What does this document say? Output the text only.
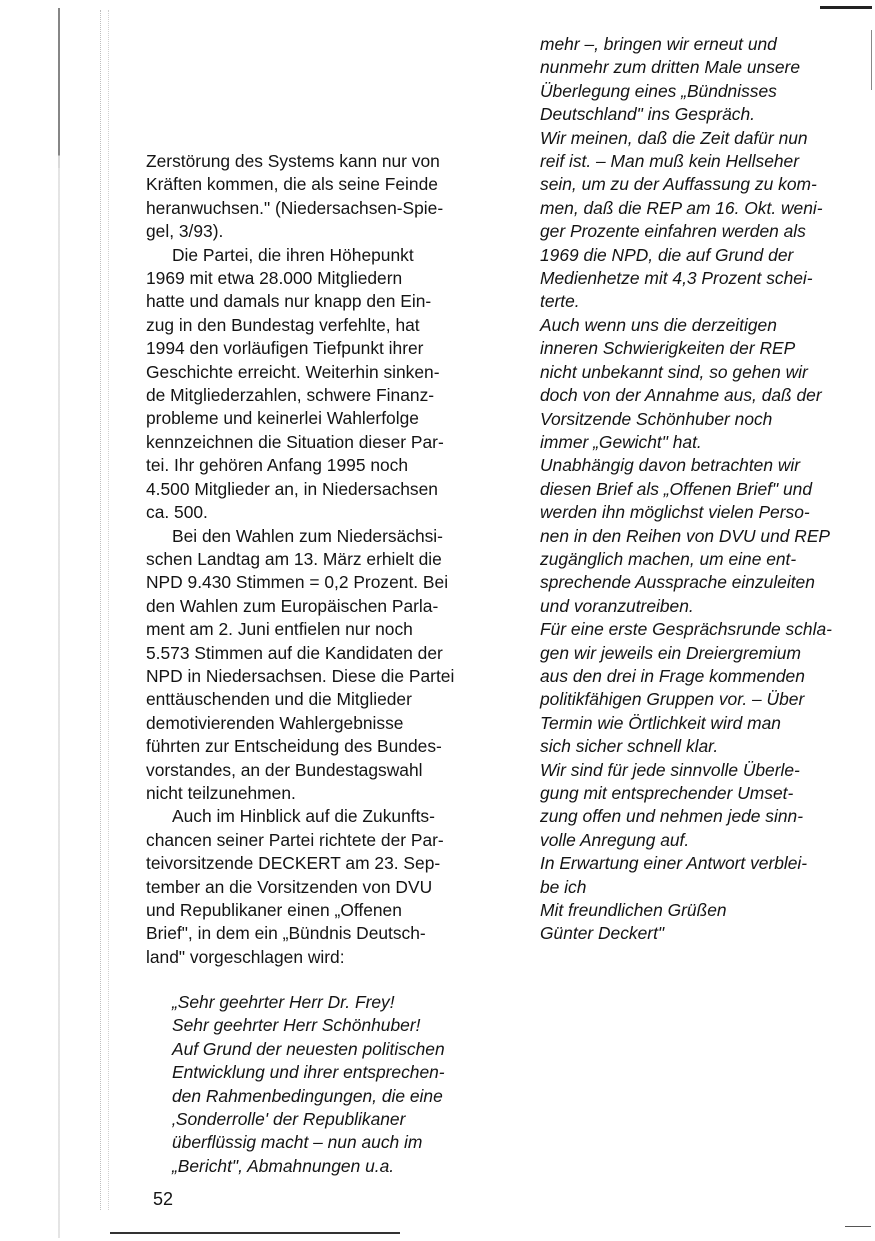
Zerstörung des Systems kann nur von
Kräften kommen, die als seine Feinde
heranwuchsen." (Niedersachsen-Spie-
gel, 3/93).
Die Partei, die ihren Höhepunkt
1969 mit etwa 28.000 Mitgliedern
hatte und damals nur knapp den Ein-
zug in den Bundestag verfehlte, hat
1994 den vorläufigen Tiefpunkt ihrer
Geschichte erreicht. Weiterhin sinken-
de Mitgliederzahlen, schwere Finanz-
probleme und keinerlei Wahlerfolge
kennzeichnen die Situation dieser Par-
tei. Ihr gehören Anfang 1995 noch
4.500 Mitglieder an, in Niedersachsen
ca. 500.
Bei den Wahlen zum Niedersächsi-
schen Landtag am 13. März erhielt die
NPD 9.430 Stimmen = 0,2 Prozent. Bei
den Wahlen zum Europäischen Parla-
ment am 2. Juni entfielen nur noch
5.573 Stimmen auf die Kandidaten der
NPD in Niedersachsen. Diese die Partei
enttäuschenden und die Mitglieder
demotivierenden Wahlergebnisse
führten zur Entscheidung des Bundes-
vorstandes, an der Bundestagswahl
nicht teilzunehmen.
Auch im Hinblick auf die Zukunfts-
chancen seiner Partei richtete der Par-
teivorsitzende DECKERT am 23. Sep-
tember an die Vorsitzenden von DVU
und Republikaner einen „Offenen
Brief", in dem ein „Bündnis Deutsch-
land" vorgeschlagen wird:
„Sehr geehrter Herr Dr. Frey!
Sehr geehrter Herr Schönhuber!
Auf Grund der neuesten politischen
Entwicklung und ihrer entsprechen-
den Rahmenbedingungen, die eine
‚Sonderrolle' der Republikaner
überflüssig macht – nun auch im
„Bericht", Abmahnungen u.a.
mehr –, bringen wir erneut und
nunmehr zum dritten Male unsere
Überlegung eines „Bündnisses
Deutschland" ins Gespräch.
Wir meinen, daß die Zeit dafür nun
reif ist. – Man muß kein Hellseher
sein, um zu der Auffassung zu kom-
men, daß die REP am 16. Okt. weni-
ger Prozente einfahren werden als
1969 die NPD, die auf Grund der
Medienhetze mit 4,3 Prozent schei-
terte.
Auch wenn uns die derzeitigen
inneren Schwierigkeiten der REP
nicht unbekannt sind, so gehen wir
doch von der Annahme aus, daß der
Vorsitzende Schönhuber noch
immer „Gewicht" hat.
Unabhängig davon betrachten wir
diesen Brief als „Offenen Brief" und
werden ihn möglichst vielen Perso-
nen in den Reihen von DVU und REP
zugänglich machen, um eine ent-
sprechende Aussprache einzuleiten
und voranzutreiben.
Für eine erste Gesprächsrunde schla-
gen wir jeweils ein Dreiergremium
aus den drei in Frage kommenden
politikfähigen Gruppen vor. – Über
Termin wie Örtlichkeit wird man
sich sicher schnell klar.
Wir sind für jede sinnvolle Überle-
gung mit entsprechender Umset-
zung offen und nehmen jede sinn-
volle Anregung auf.
In Erwartung einer Antwort verblei-
be ich
Mit freundlichen Grüßen
Günter Deckert"
52
